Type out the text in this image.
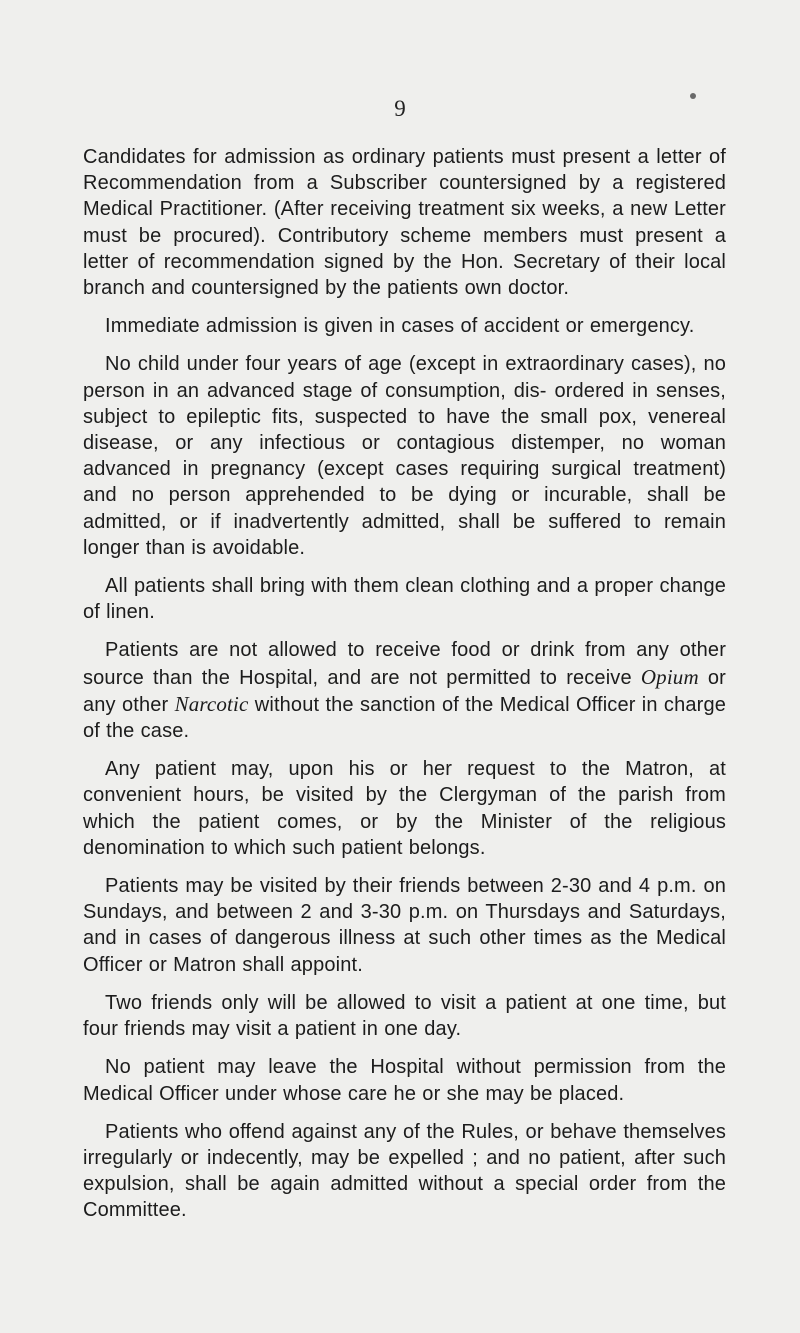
9

Candidates for admission as ordinary patients must present a letter of Recommendation from a Subscriber countersigned by a registered Medical Practitioner. (After receiving treatment six weeks, a new Letter must be procured). Contributory scheme members must present a letter of recommendation signed by the Hon. Secretary of their local branch and countersigned by the patients own doctor.

Immediate admission is given in cases of accident or emergency.

No child under four years of age (except in extraordinary cases), no person in an advanced stage of consumption, dis- ordered in senses, subject to epileptic fits, suspected to have the small pox, venereal disease, or any infectious or contagious distemper, no woman advanced in pregnancy (except cases requiring surgical treatment) and no person apprehended to be dying or incurable, shall be admitted, or if inadvertently admitted, shall be suffered to remain longer than is avoidable.

All patients shall bring with them clean clothing and a proper change of linen.

Patients are not allowed to receive food or drink from any other source than the Hospital, and are not permitted to receive Opium or any other Narcotic without the sanction of the Medical Officer in charge of the case.

Any patient may, upon his or her request to the Matron, at convenient hours, be visited by the Clergyman of the parish from which the patient comes, or by the Minister of the religious denomination to which such patient belongs.

Patients may be visited by their friends between 2-30 and 4 p.m. on Sundays, and between 2 and 3-30 p.m. on Thursdays and Saturdays, and in cases of dangerous illness at such other times as the Medical Officer or Matron shall appoint.

Two friends only will be allowed to visit a patient at one time, but four friends may visit a patient in one day.

No patient may leave the Hospital without permission from the Medical Officer under whose care he or she may be placed.

Patients who offend against any of the Rules, or behave themselves irregularly or indecently, may be expelled ; and no patient, after such expulsion, shall be again admitted without a special order from the Committee.
